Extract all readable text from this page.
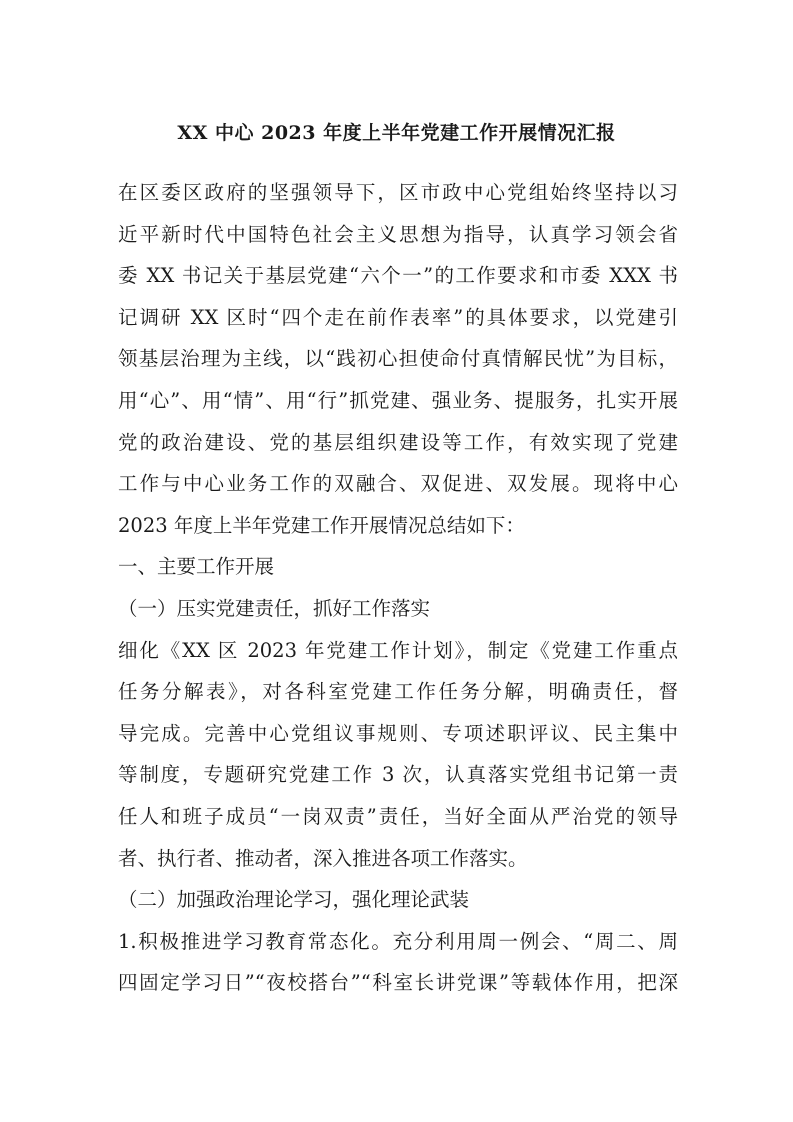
XX 中心 2023 年度上半年党建工作开展情况汇报
在区委区政府的坚强领导下，区市政中心党组始终坚持以习
近平新时代中国特色社会主义思想为指导，认真学习领会省
委 XX 书记关于基层党建“六个一”的工作要求和市委 XXX 书
记调研 XX 区时“四个走在前作表率”的具体要求，以党建引
领基层治理为主线，以“践初心担使命付真情解民忧”为目标，
用“心”、用“情”、用“行”抓党建、强业务、提服务，扎实开展
党的政治建设、党的基层组织建设等工作，有效实现了党建
工作与中心业务工作的双融合、双促进、双发展。现将中心
2023 年度上半年党建工作开展情况总结如下：
一、主要工作开展
（一）压实党建责任，抓好工作落实
细化《XX 区 2023 年党建工作计划》，制定《党建工作重点
任务分解表》，对各科室党建工作任务分解，明确责任，督
导完成。完善中心党组议事规则、专项述职评议、民主集中
等制度，专题研究党建工作 3 次，认真落实党组书记第一责
任人和班子成员“一岗双责”责任，当好全面从严治党的领导
者、执行者、推动者，深入推进各项工作落实。
（二）加强政治理论学习，强化理论武装
1.积极推进学习教育常态化。充分利用周一例会、“周二、周
四固定学习日”“夜校搭台”“科室长讲党课”等载体作用，把深
